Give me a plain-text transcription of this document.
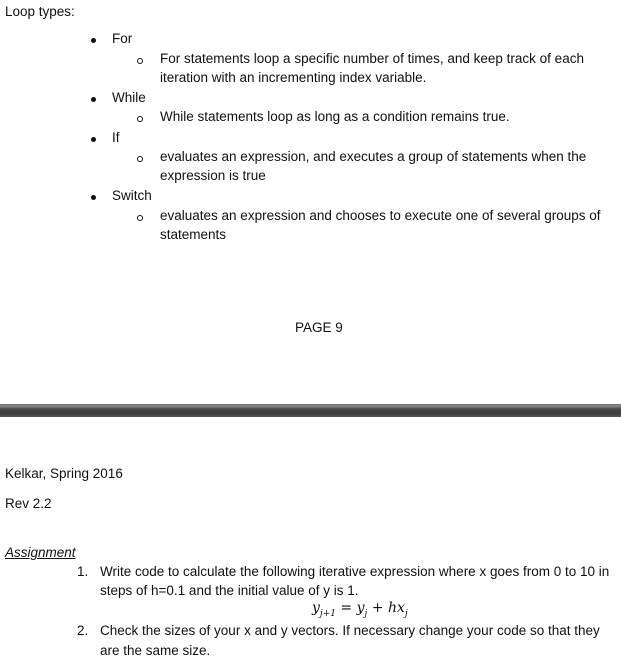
Loop types:
For
For statements loop a specific number of times, and keep track of each
iteration with an incrementing index variable.
While
While statements loop as long as a condition remains true.
If
evaluates an expression, and executes a group of statements when the
expression is true
Switch
evaluates an expression and chooses to execute one of several groups of
statements
PAGE 9
Kelkar, Spring 2016
Rev 2.2
Assignment
1. Write code to calculate the following iterative expression where x goes from 0 to 10 in
steps of h=0.1 and the initial value of y is 1.
$y_{j+1} = y_j + hx_j$
2. Check the sizes of your x and y vectors. If necessary change your code so that they
are the same size.
